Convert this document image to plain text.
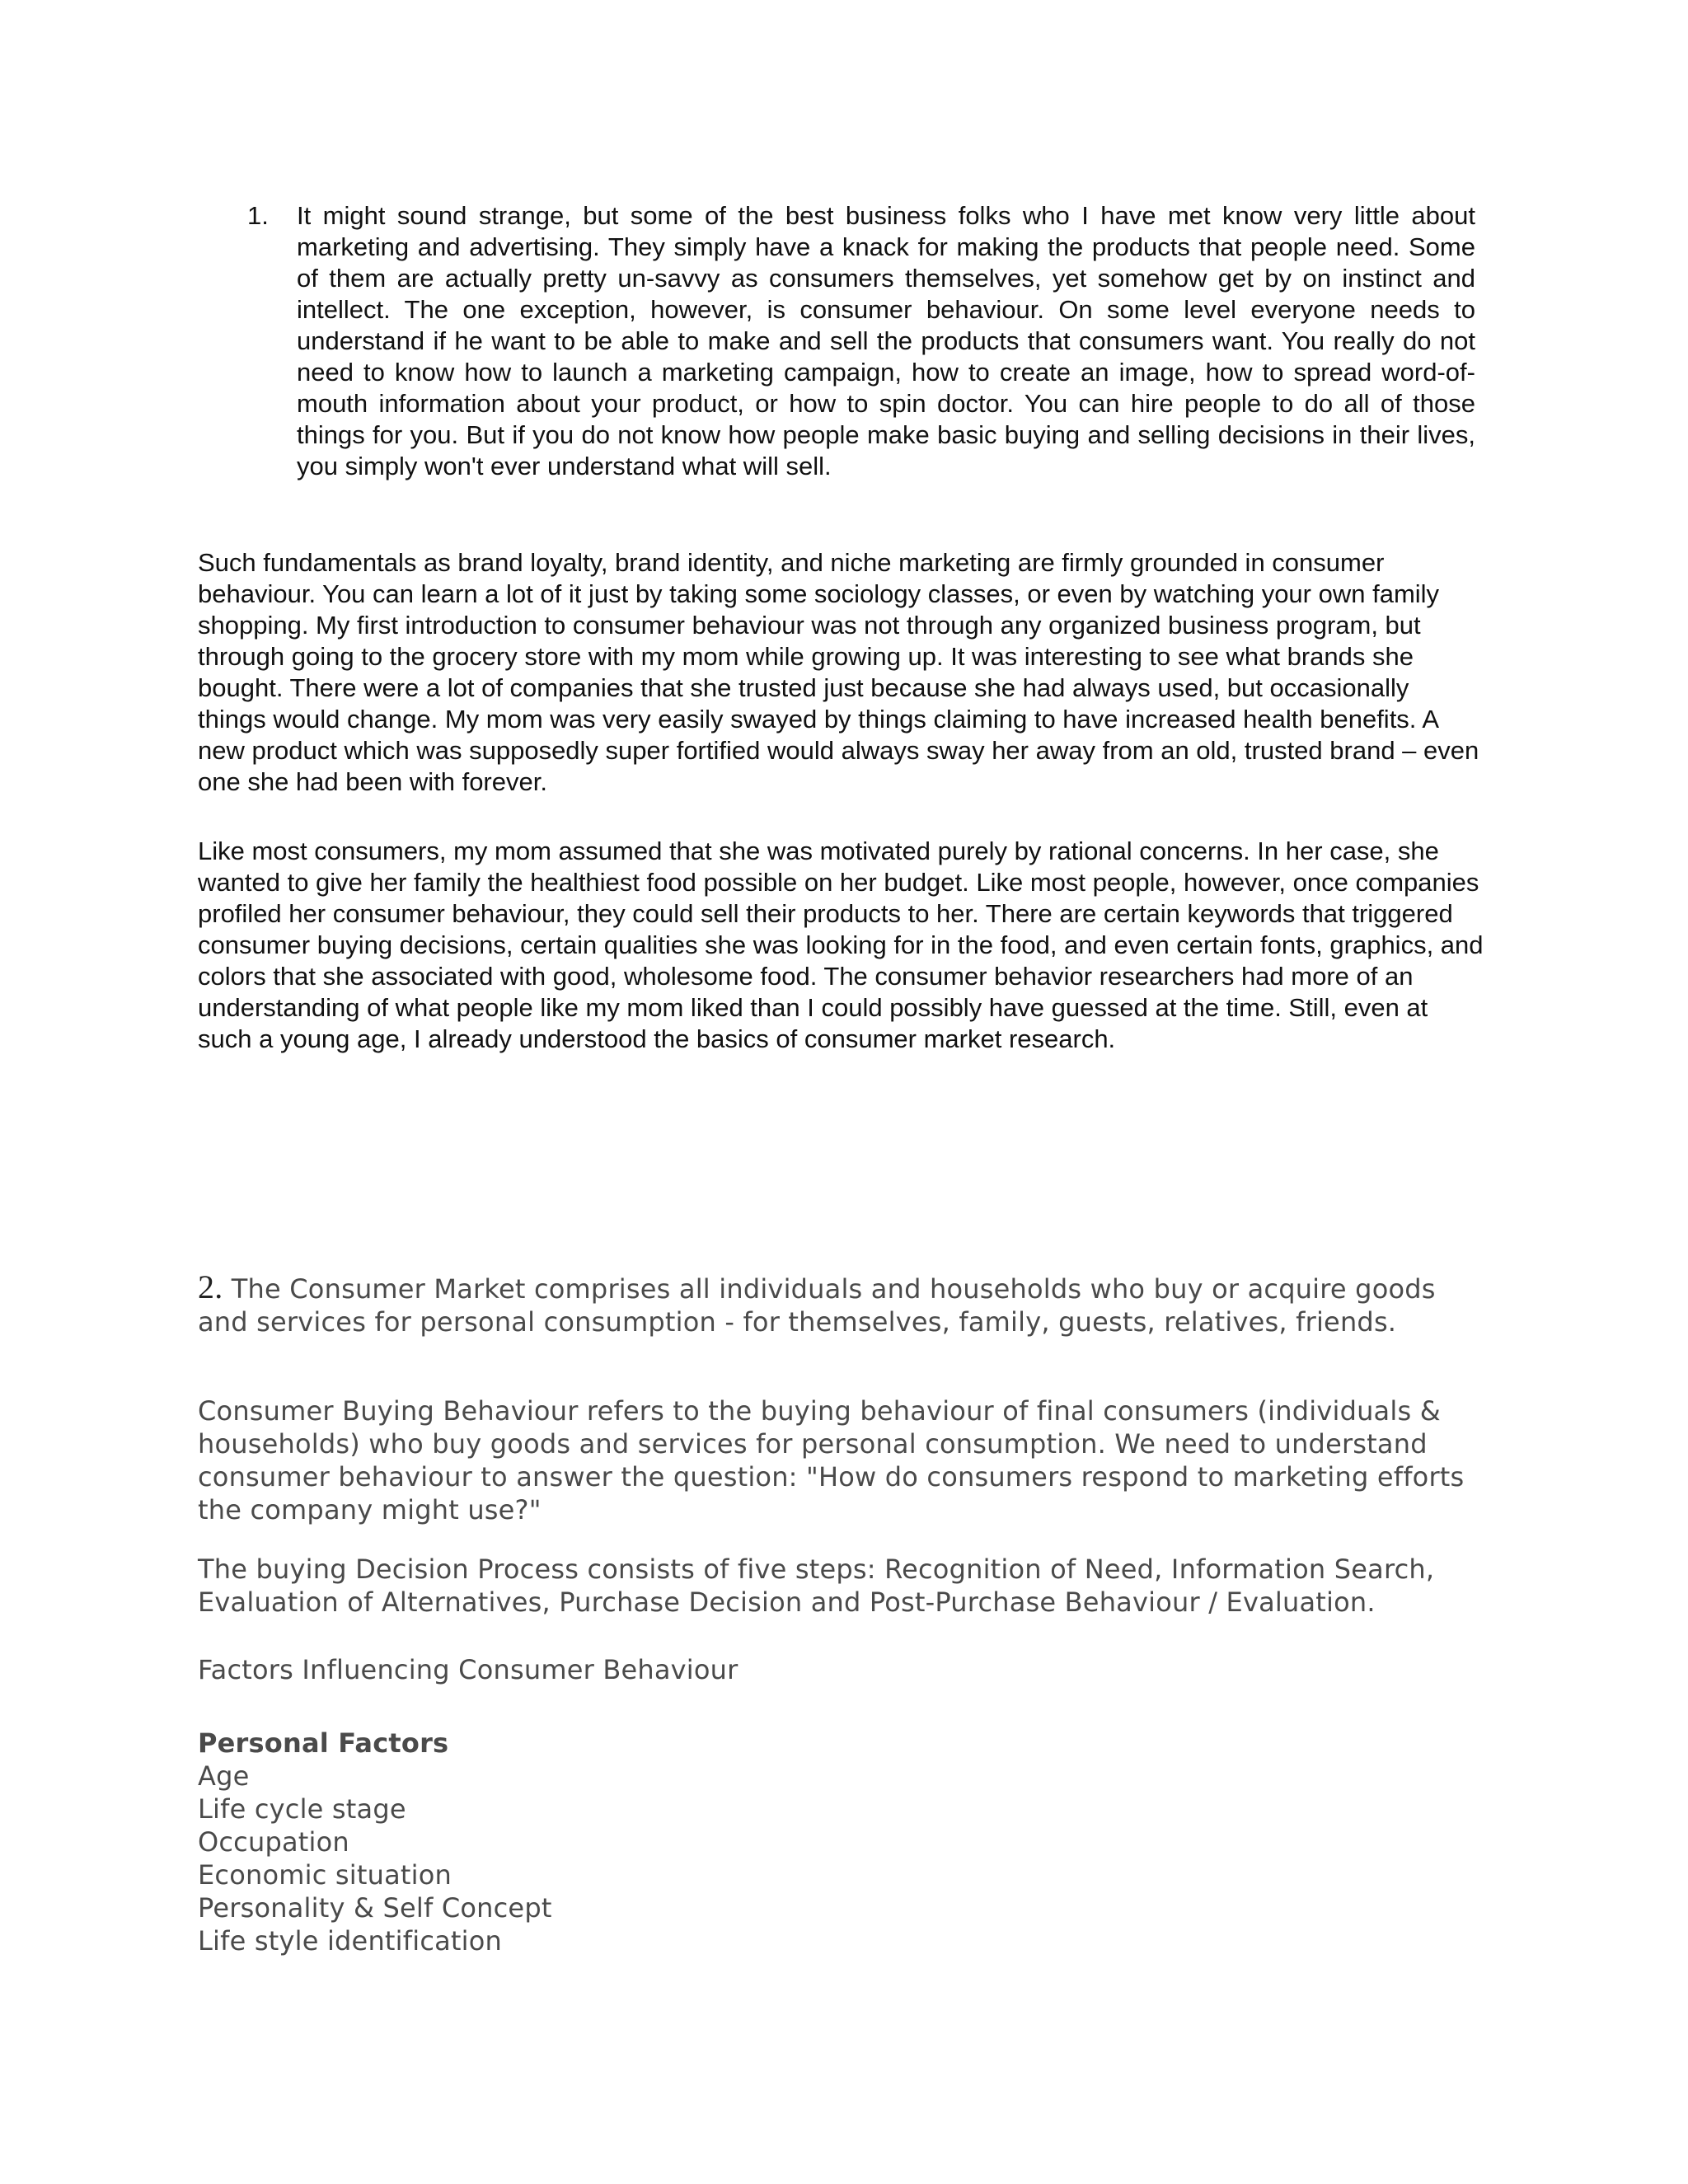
1.	It might sound strange, but some of the best business folks who I have met know very little about marketing and advertising. They simply have a knack for making the products that people need. Some of them are actually pretty un-savvy as consumers themselves, yet somehow get by on instinct and intellect. The one exception, however, is consumer behaviour. On some level everyone needs to understand if he want to be able to make and sell the products that consumers want. You really do not need to know how to launch a marketing campaign, how to create an image, how to spread word-of-mouth information about your product, or how to spin doctor. You can hire people to do all of those things for you. But if you do not know how people make basic buying and selling decisions in their lives, you simply won't ever understand what will sell.

Such fundamentals as brand loyalty, brand identity, and niche marketing are firmly grounded in consumer behaviour. You can learn a lot of it just by taking some sociology classes, or even by watching your own family shopping. My first introduction to consumer behaviour was not through any organized business program, but through going to the grocery store with my mom while growing up. It was interesting to see what brands she bought. There were a lot of companies that she trusted just because she had always used, but occasionally things would change. My mom was very easily swayed by things claiming to have increased health benefits. A new product which was supposedly super fortified would always sway her away from an old, trusted brand – even one she had been with forever.

Like most consumers, my mom assumed that she was motivated purely by rational concerns. In her case, she wanted to give her family the healthiest food possible on her budget. Like most people, however, once companies profiled her consumer behaviour, they could sell their products to her. There are certain keywords that triggered consumer buying decisions, certain qualities she was looking for in the food, and even certain fonts, graphics, and colors that she associated with good, wholesome food. The consumer behavior researchers had more of an understanding of what people like my mom liked than I could possibly have guessed at the time. Still, even at such a young age, I already understood the basics of consumer market research.

2. The Consumer Market comprises all individuals and households who buy or acquire goods and services for personal consumption - for themselves, family, guests, relatives, friends.

Consumer Buying Behaviour refers to the buying behaviour of final consumers (individuals & households) who buy goods and services for personal consumption. We need to understand consumer behaviour to answer the question: "How do consumers respond to marketing efforts the company might use?"

The buying Decision Process consists of five steps: Recognition of Need, Information Search, Evaluation of Alternatives, Purchase Decision and Post-Purchase Behaviour / Evaluation.

Factors Influencing Consumer Behaviour

Personal Factors
Age
Life cycle stage
Occupation
Economic situation
Personality & Self Concept
Life style identification
